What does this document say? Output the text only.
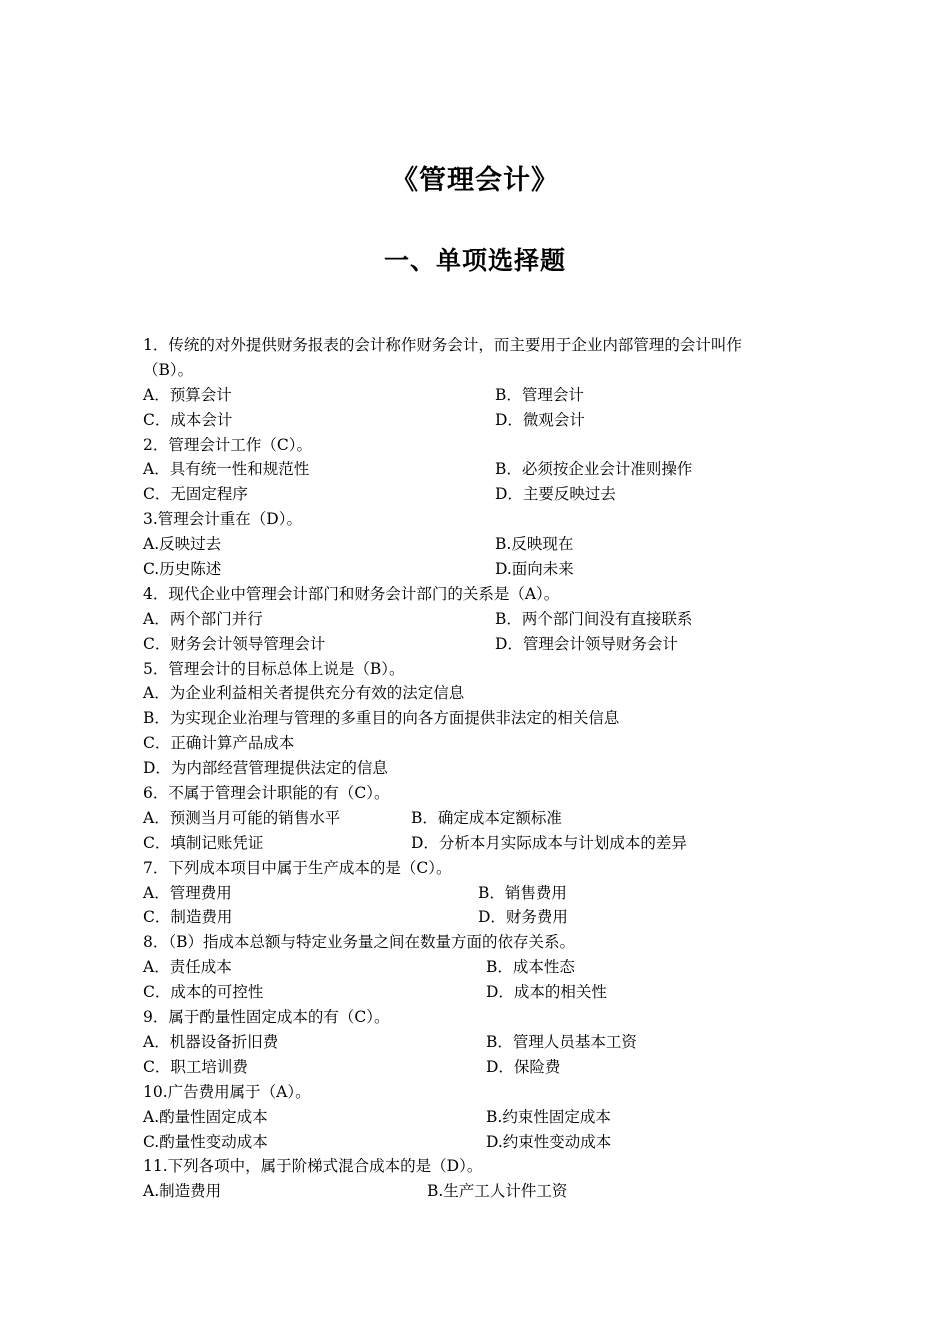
《管理会计》
一、单项选择题
1．传统的对外提供财务报表的会计称作财务会计，而主要用于企业内部管理的会计叫作
（B）。
A．预算会计	B．管理会计
C．成本会计	D．微观会计
2．管理会计工作（C）。
A．具有统一性和规范性	B．必须按企业会计准则操作
C．无固定程序	D．主要反映过去
3.管理会计重在（D）。
A.反映过去	B.反映现在
C.历史陈述	D.面向未来
4．现代企业中管理会计部门和财务会计部门的关系是（A）。
A．两个部门并行	B．两个部门间没有直接联系
C．财务会计领导管理会计	D．管理会计领导财务会计
5．管理会计的目标总体上说是（B）。
A．为企业利益相关者提供充分有效的法定信息
B．为实现企业治理与管理的多重目的向各方面提供非法定的相关信息
C．正确计算产品成本
D．为内部经营管理提供法定的信息
6．不属于管理会计职能的有（C）。
A．预测当月可能的销售水平	B．确定成本定额标准
C．填制记账凭证	D．分析本月实际成本与计划成本的差异
7．下列成本项目中属于生产成本的是（C）。
A．管理费用	B．销售费用
C．制造费用	D．财务费用
8．（B）指成本总额与特定业务量之间在数量方面的依存关系。
A．责任成本	B．成本性态
C．成本的可控性	D．成本的相关性
9．属于酌量性固定成本的有（C）。
A．机器设备折旧费	B．管理人员基本工资
C．职工培训费	D．保险费
10.广告费用属于（A）。
A.酌量性固定成本	B.约束性固定成本
C.酌量性变动成本	D.约束性变动成本
11.下列各项中，属于阶梯式混合成本的是（D）。
A.制造费用	B.生产工人计件工资
